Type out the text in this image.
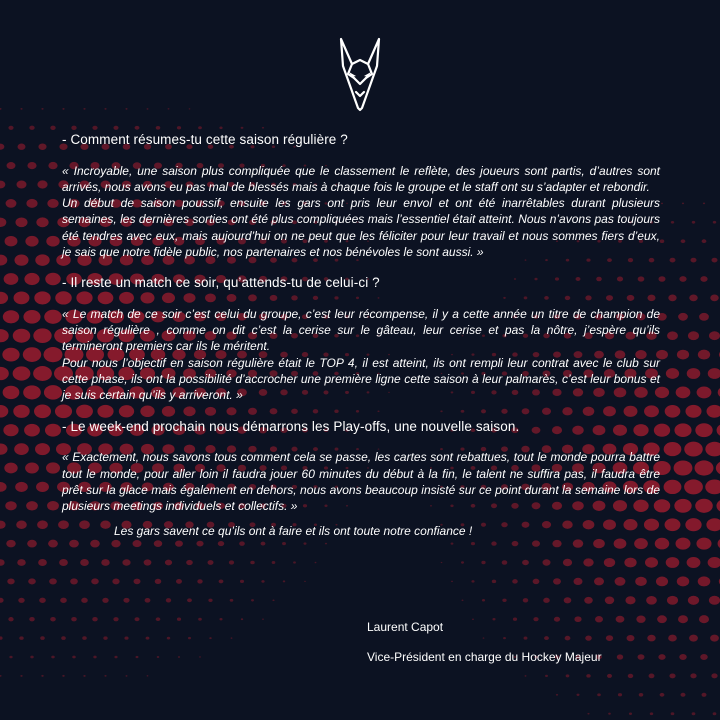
- Comment résumes-tu cette saison régulière ?

« Incroyable, une saison plus compliquée que le classement le reflète, des joueurs sont partis, d’autres sont arrivés, nous avons eu pas mal de blessés mais à chaque fois le groupe et le staff ont su s’adapter et rebondir.

Un début de saison poussif, ensuite les gars ont pris leur envol et ont été inarrêtables durant plusieurs semaines, les dernières sorties ont été plus compliquées mais l’essentiel était atteint. Nous n’avons pas toujours été tendres avec eux, mais aujourd’hui on ne peut que les féliciter pour leur travail et nous sommes fiers d’eux, je sais que notre fidèle public, nos partenaires et nos bénévoles le sont aussi. »

- Il reste un match ce soir, qu’attends-tu de celui-ci ?

« Le match de ce soir c’est celui du groupe, c’est leur récompense, il y a cette année un titre de champion de saison régulière , comme on dit c’est la cerise sur le gâteau, leur cerise et pas la nôtre, j’espère qu’ils termineront premiers car ils le méritent.

Pour nous l’objectif en saison régulière était le TOP 4, il est atteint, ils ont rempli leur contrat avec le club sur cette phase, ils ont la possibilité d’accrocher une première ligne cette saison à leur palmarès, c’est leur bonus et je suis certain qu’ils y arriveront. »

- Le week-end prochain nous démarrons les Play-offs, une nouvelle saison.

« Exactement, nous savons tous comment cela se passe, les cartes sont rebattues, tout le monde pourra battre tout le monde, pour aller loin il faudra jouer 60 minutes du début à la fin, le talent ne suffira pas, il faudra être prêt sur la glace mais également en dehors, nous avons beaucoup insisté sur ce point durant la semaine lors de plusieurs meetings individuels et collectifs. »

Les gars savent ce qu’ils ont à faire et ils ont toute notre confiance !
Laurent Capot
Vice-Président en charge du Hockey Majeur
